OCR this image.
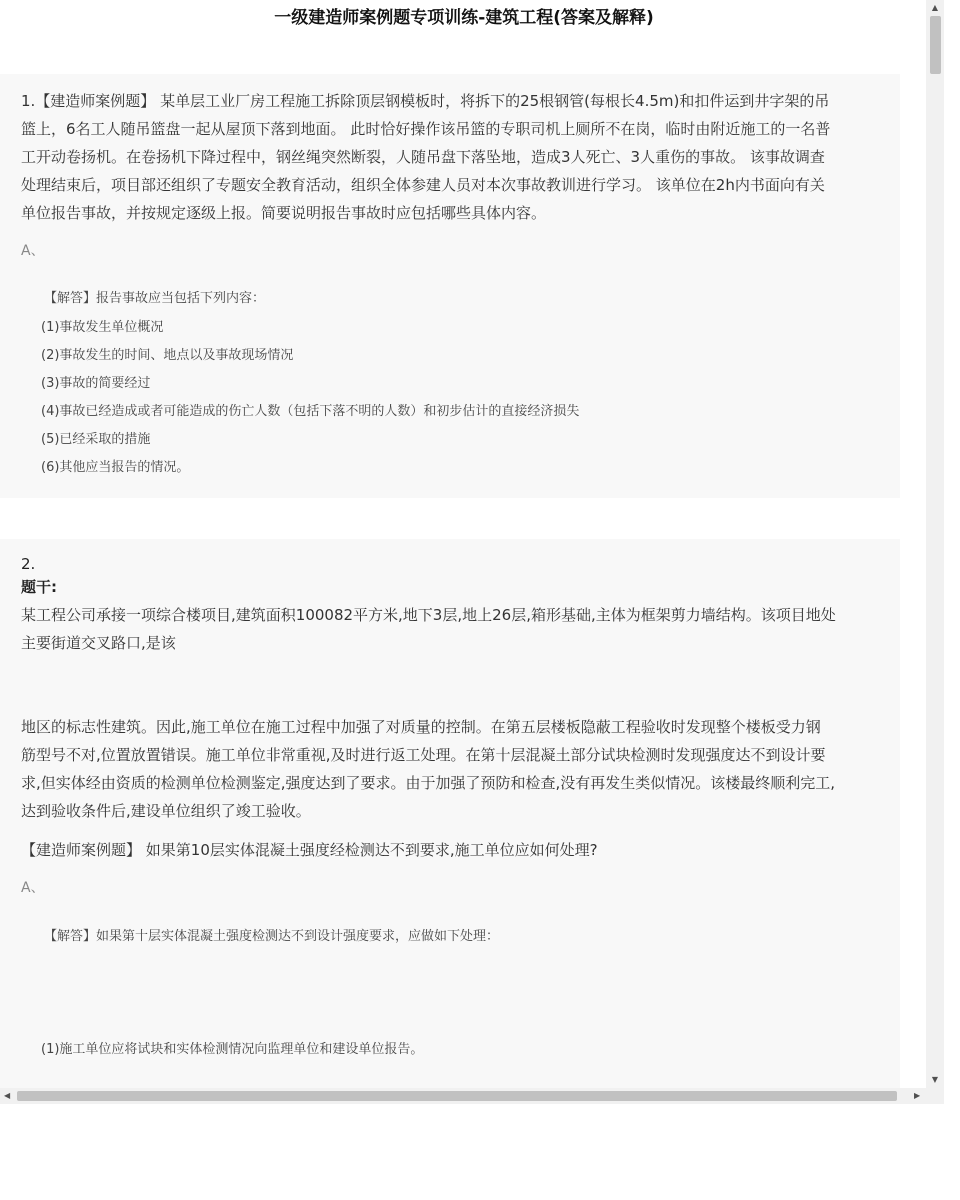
一级建造师案例题专项训练-建筑工程(答案及解释)
1.【建造师案例题】 某单层工业厂房工程施工拆除顶层钢模板时，将拆下的25根钢管(每根长4.5m)和扣件运到井字架的吊
篮上，6名工人随吊篮盘一起从屋顶下落到地面。 此时恰好操作该吊篮的专职司机上厕所不在岗，临时由附近施工的一名普
工开动卷扬机。在卷扬机下降过程中，钢丝绳突然断裂，人随吊盘下落坠地，造成3人死亡、3人重伤的事故。 该事故调查
处理结束后，项目部还组织了专题安全教育活动，组织全体参建人员对本次事故教训进行学习。 该单位在2h内书面向有关
单位报告事故，并按规定逐级上报。简要说明报告事故时应包括哪些具体内容。
A、
【解答】报告事故应当包括下列内容：
(1)事故发生单位概况
(2)事故发生的时间、地点以及事故现场情况
(3)事故的简要经过
(4)事故已经造成或者可能造成的伤亡人数（包括下落不明的人数）和初步估计的直接经济损失
(5)已经采取的措施
(6)其他应当报告的情况。
2.
题干:
某工程公司承接一项综合楼项目,建筑面积100082平方米,地下3层,地上26层,箱形基础,主体为框架剪力墙结构。该项目地处
主要街道交叉路口,是该
地区的标志性建筑。因此,施工单位在施工过程中加强了对质量的控制。在第五层楼板隐蔽工程验收时发现整个楼板受力钢
筋型号不对,位置放置错误。施工单位非常重视,及时进行返工处理。在第十层混凝土部分试块检测时发现强度达不到设计要
求,但实体经由资质的检测单位检测鉴定,强度达到了要求。由于加强了预防和检查,没有再发生类似情况。该楼最终顺利完工,
达到验收条件后,建设单位组织了竣工验收。
【建造师案例题】 如果第10层实体混凝土强度经检测达不到要求,施工单位应如何处理?
A、
【解答】如果第十层实体混凝土强度检测达不到设计强度要求，应做如下处理：
(1)施工单位应将试块和实体检测情况向监理单位和建设单位报告。
▲
▼
◀	▶
